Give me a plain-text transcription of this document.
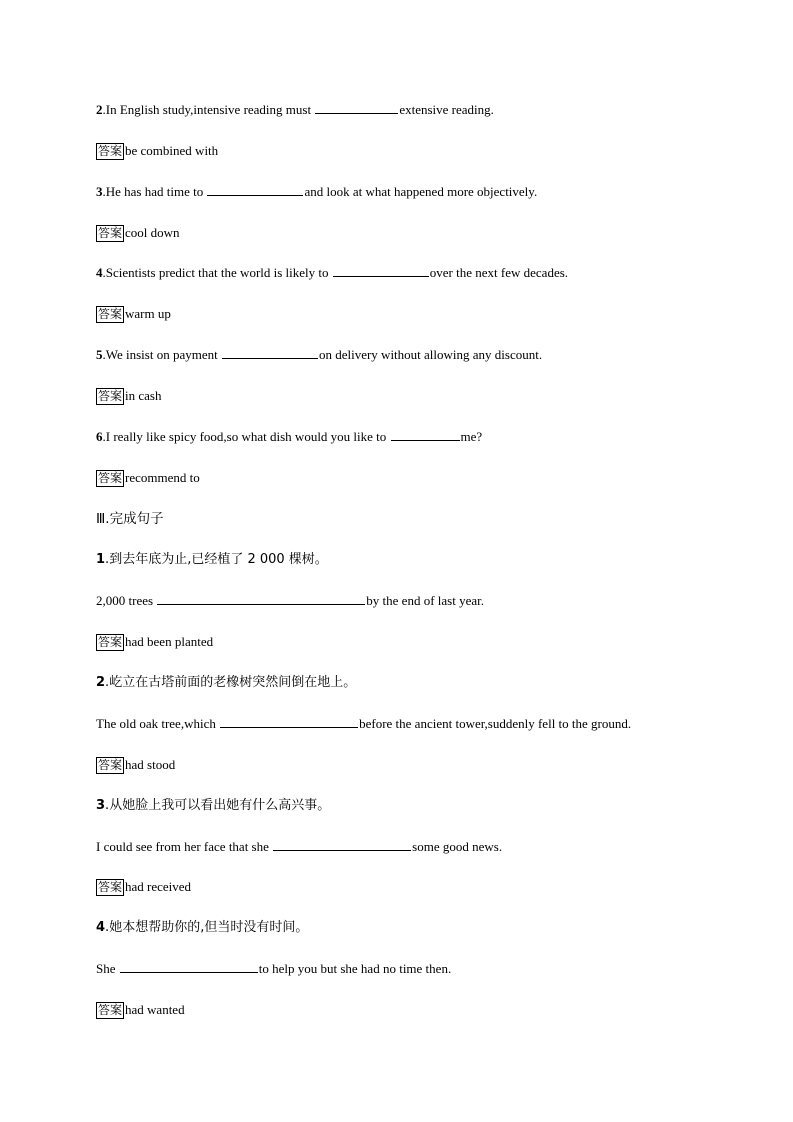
2.In English study,intensive reading must	extensive reading.
答案 be combined with
3.He has had time to	and look at what happened more objectively.
答案 cool down
4.Scientists predict that the world is likely to	over the next few decades.
答案 warm up
5.We insist on payment	on delivery without allowing any discount.
答案 in cash
6.I really like spicy food,so what dish would you like to	me?
答案 recommend to
Ⅲ.完成句子
1.到去年底为止,已经植了 2 000 棵树。
2,000 trees	by the end of last year.
答案 had been planted
2.屹立在古塔前面的老橡树突然间倒在地上。
The old oak tree,which	before the ancient tower,suddenly fell to the ground.
答案 had stood
3.从她脸上我可以看出她有什么高兴事。
I could see from her face that she	some good news.
答案 had received
4.她本想帮助你的,但当时没有时间。
She	to help you but she had no time then.
答案 had wanted
